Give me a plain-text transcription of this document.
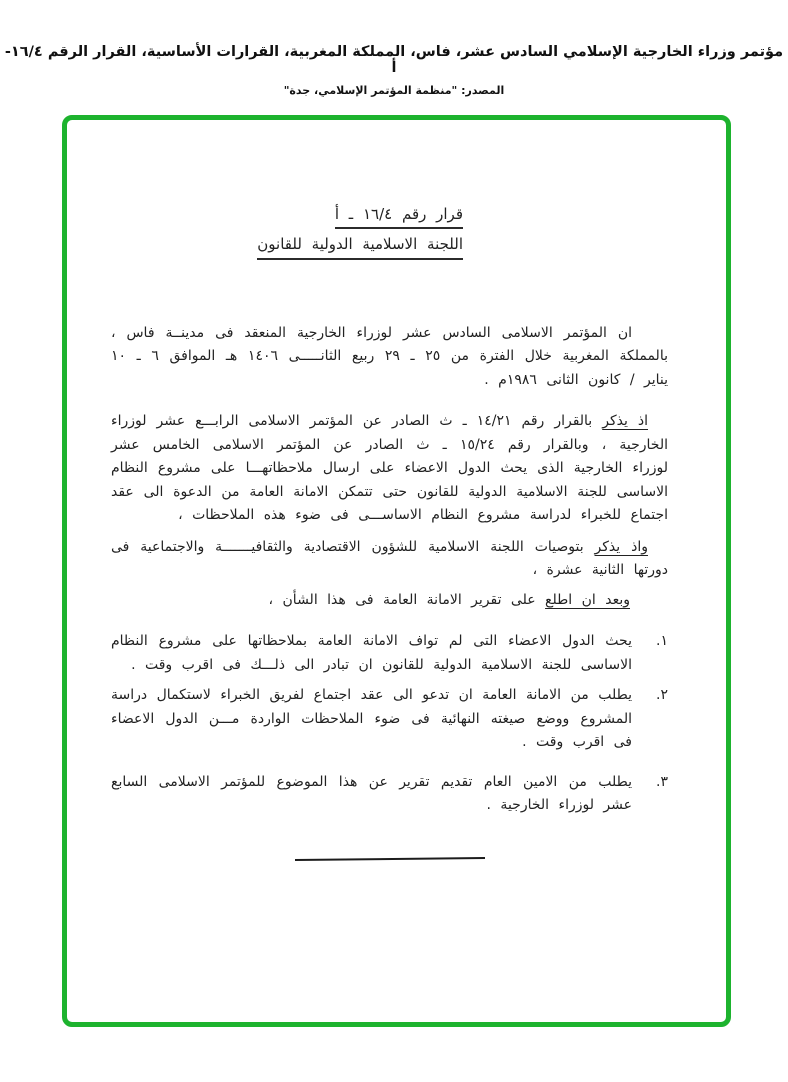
مؤتمر وزراء الخارجية الإسلامي السادس عشر، فاس، المملكة المغربية، القرارات الأساسية، القرار الرقم ١٦/٤- أ
المصدر: "منظمة المؤتمر الإسلامي، جدة"
قرار رقم ١٦/٤ ـ أ
اللجنة الاسلامية الدولية للقانون

ان المؤتمر الاسلامى السادس عشر لوزراء الخارجية المنعقد فى مدينــة فاس ، بالمملكة المغربية خلال الفترة من ٢٥ ـ ٢٩ ربيع الثانـــــى ١٤٠٦ هـ الموافق ٦ ـ ١٠ يناير / كانون الثانى ١٩٨٦م .

اذ يذكر بالقرار رقم ١٤/٢١ ـ ث الصادر عن المؤتمر الاسلامى الرابـــع عشر لوزراء الخارجية ، وبالقرار رقم ١٥/٢٤ ـ ث الصادر عن المؤتمر الاسلامى الخامس عشر لوزراء الخارجية الذى يحث الدول الاعضاء على ارسال ملاحظاتهـــا على مشروع النظام الاساسى للجنة الاسلامية الدولية للقانون حتى تتمكن الامانة العامة من الدعوة الى عقد اجتماع للخبراء لدراسة مشروع النظام الاساســـى فى ضوء هذه الملاحظات ،

واذ يذكر بتوصيات اللجنة الاسلامية للشؤون الاقتصادية والثقافيـــــــة والاجتماعية فى دورتها الثانية عشرة ،

وبعد ان اطلع على تقرير الامانة العامة فى هذا الشأن ،

١.
يحث الدول الاعضاء التى لم تواف الامانة العامة بملاحظاتها على مشروع النظام الاساسى للجنة الاسلامية الدولية للقانون ان تبادر الى ذلـــك فى اقرب وقت .
٢.
يطلب من الامانة العامة ان تدعو الى عقد اجتماع لفريق الخبراء لاستكمال دراسة المشروع ووضع صيغته النهائية فى ضوء الملاحظات الواردة مـــن الدول الاعضاء فى اقرب وقت .
٣.
يطلب من الامين العام تقديم تقرير عن هذا الموضوع للمؤتمر الاسلامى السابع عشر لوزراء الخارجية .
